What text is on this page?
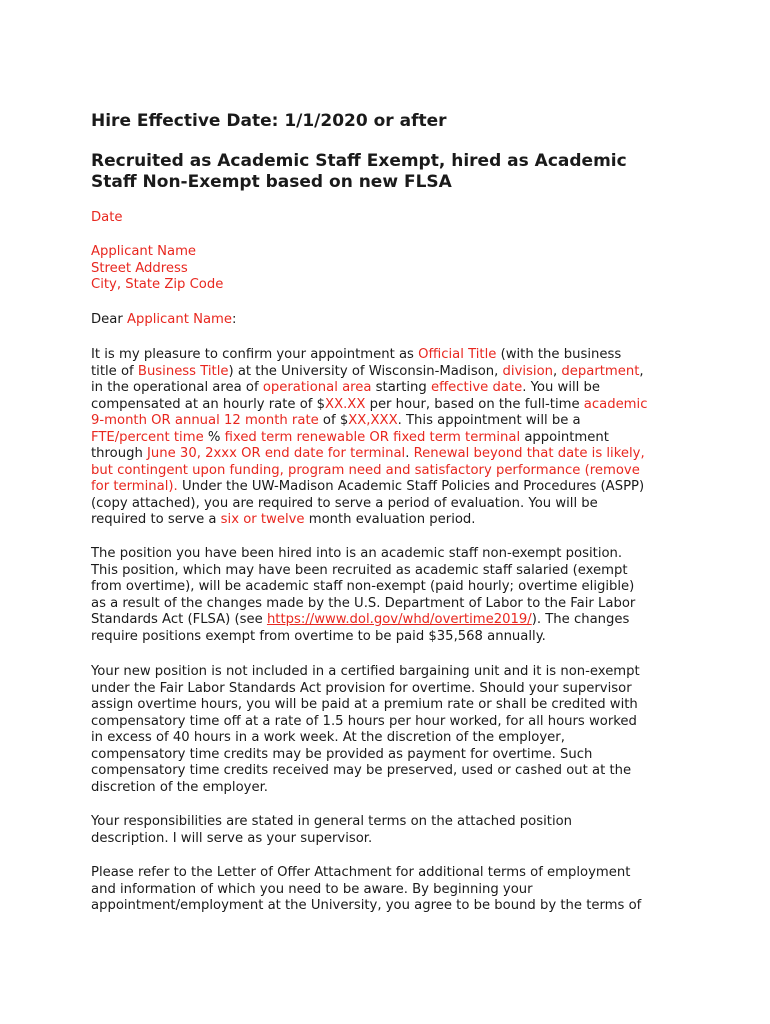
Hire Effective Date: 1/1/2020 or after
Recruited as Academic Staff Exempt, hired as Academic
Staff Non-Exempt based on new FLSA
Date
Applicant Name
Street Address
City, State Zip Code
Dear Applicant Name:
It is my pleasure to confirm your appointment as Official Title (with the business
title of Business Title) at the University of Wisconsin-Madison, division, department,
in the operational area of operational area starting effective date. You will be
compensated at an hourly rate of $XX.XX per hour, based on the full-time academic
9-month OR annual 12 month rate of $XX,XXX. This appointment will be a
FTE/percent time % fixed term renewable OR fixed term terminal appointment
through June 30, 2xxx OR end date for terminal. Renewal beyond that date is likely,
but contingent upon funding, program need and satisfactory performance (remove
for terminal). Under the UW-Madison Academic Staff Policies and Procedures (ASPP)
(copy attached), you are required to serve a period of evaluation. You will be
required to serve a six or twelve month evaluation period.
The position you have been hired into is an academic staff non-exempt position.
This position, which may have been recruited as academic staff salaried (exempt
from overtime), will be academic staff non-exempt (paid hourly; overtime eligible)
as a result of the changes made by the U.S. Department of Labor to the Fair Labor
Standards Act (FLSA) (see https://www.dol.gov/whd/overtime2019/). The changes
require positions exempt from overtime to be paid $35,568 annually.
Your new position is not included in a certified bargaining unit and it is non-exempt
under the Fair Labor Standards Act provision for overtime. Should your supervisor
assign overtime hours, you will be paid at a premium rate or shall be credited with
compensatory time off at a rate of 1.5 hours per hour worked, for all hours worked
in excess of 40 hours in a work week. At the discretion of the employer,
compensatory time credits may be provided as payment for overtime. Such
compensatory time credits received may be preserved, used or cashed out at the
discretion of the employer.
Your responsibilities are stated in general terms on the attached position
description. I will serve as your supervisor.
Please refer to the Letter of Offer Attachment for additional terms of employment
and information of which you need to be aware. By beginning your
appointment/employment at the University, you agree to be bound by the terms of
